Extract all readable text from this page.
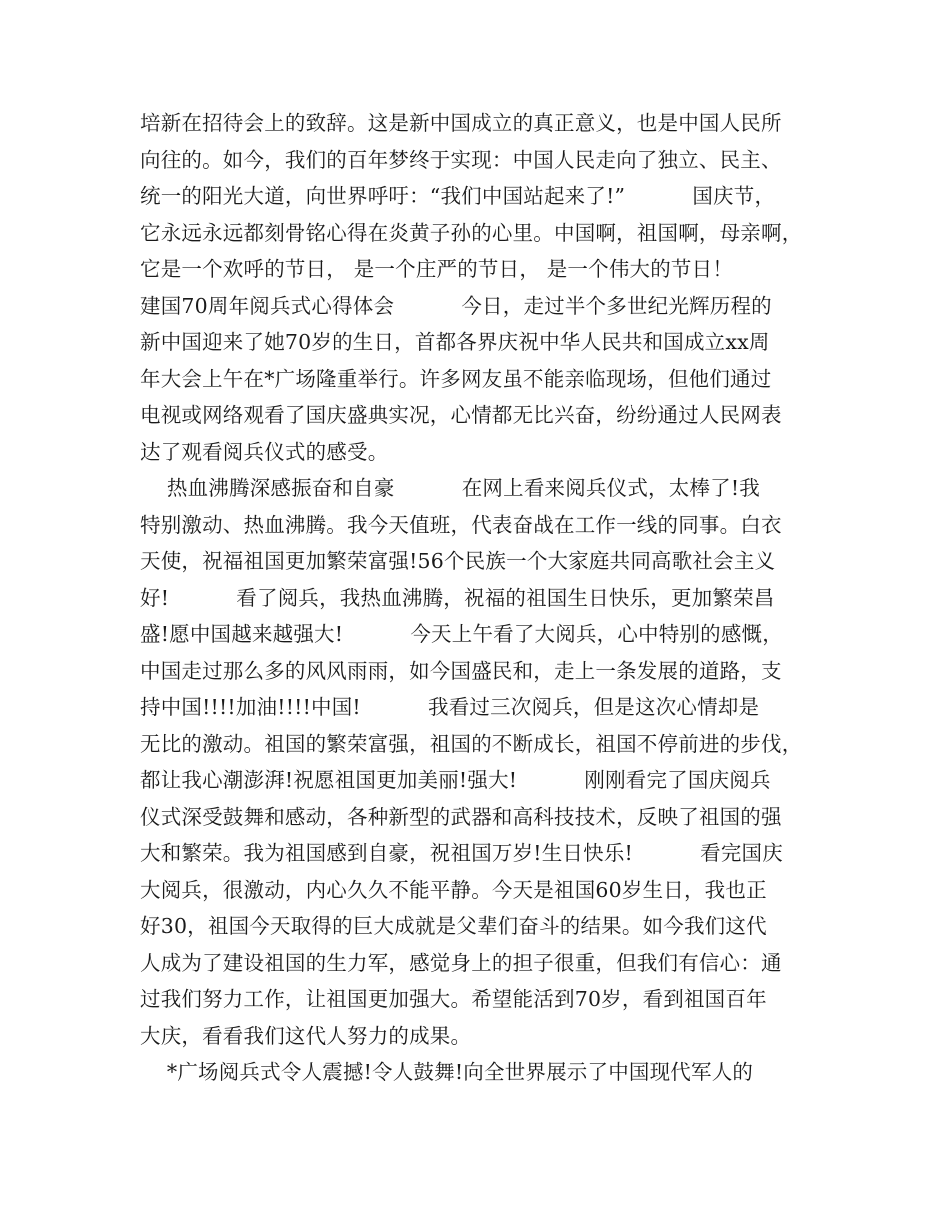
培新在招待会上的致辞。这是新中国成立的真正意义，也是中国人民所
向往的。如今，我们的百年梦终于实现：中国人民走向了独立、民主、
统一的阳光大道，向世界呼吁：“我们中国站起来了!”          国庆节，
它永远永远都刻骨铭心得在炎黄子孙的心里。中国啊，祖国啊，母亲啊，
它是一个欢呼的节日， 是一个庄严的节日， 是一个伟大的节日！
建国70周年阅兵式心得体会          今日，走过半个多世纪光辉历程的
新中国迎来了她70岁的生日，首都各界庆祝中华人民共和国成立xx周
年大会上午在*广场隆重举行。许多网友虽不能亲临现场，但他们通过
电视或网络观看了国庆盛典实况，心情都无比兴奋，纷纷通过人民网表
达了观看阅兵仪式的感受。
热血沸腾深感振奋和自豪          在网上看来阅兵仪式，太棒了!我
特别激动、热血沸腾。我今天值班，代表奋战在工作一线的同事。白衣
天使，祝福祖国更加繁荣富强!56个民族一个大家庭共同高歌社会主义
好!          看了阅兵，我热血沸腾，祝福的祖国生日快乐，更加繁荣昌
盛!愿中国越来越强大!          今天上午看了大阅兵，心中特别的感慨，
中国走过那么多的风风雨雨，如今国盛民和，走上一条发展的道路，支
持中国!!!!加油!!!!中国!          我看过三次阅兵，但是这次心情却是
无比的激动。祖国的繁荣富强，祖国的不断成长，祖国不停前进的步伐，
都让我心潮澎湃!祝愿祖国更加美丽!强大!          刚刚看完了国庆阅兵
仪式深受鼓舞和感动，各种新型的武器和高科技技术，反映了祖国的强
大和繁荣。我为祖国感到自豪，祝祖国万岁!生日快乐!          看完国庆
大阅兵，很激动，内心久久不能平静。今天是祖国60岁生日，我也正
好30，祖国今天取得的巨大成就是父辈们奋斗的结果。如今我们这代
人成为了建设祖国的生力军，感觉身上的担子很重，但我们有信心：通
过我们努力工作，让祖国更加强大。希望能活到70岁，看到祖国百年
大庆，看看我们这代人努力的成果。
*广场阅兵式令人震撼!令人鼓舞!向全世界展示了中国现代军人的
